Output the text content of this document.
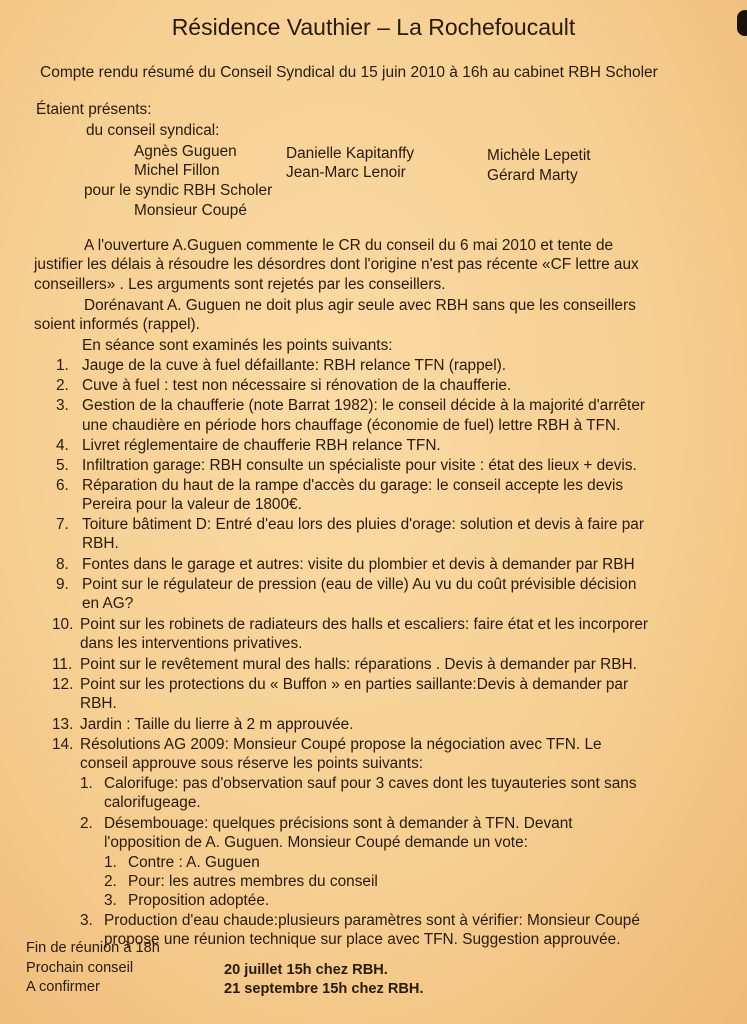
Résidence Vauthier – La Rochefoucault
Compte rendu résumé du Conseil Syndical du 15 juin 2010 à 16h au cabinet RBH Scholer
Étaient présents:
du conseil syndical:
Agnès Guguen	Danielle Kapitanffy	Michèle Lepetit
Michel Fillon	Jean-Marc Lenoir	Gérard Marty
pour le syndic RBH Scholer
Monsieur Coupé
A l'ouverture A.Guguen commente le CR du conseil du 6 mai 2010 et tente de
justifier les délais à résoudre les désordres dont l'origine n'est pas récente «CF lettre aux
conseillers» . Les arguments sont rejetés par les conseillers.
Dorénavant A. Guguen ne doit plus agir seule avec RBH sans que les conseillers
soient informés (rappel).
En séance sont examinés les points suivants:
1. Jauge de la cuve à fuel défaillante: RBH relance TFN (rappel).
2. Cuve à fuel : test non nécessaire si rénovation de la chaufferie.
3. Gestion de la chaufferie (note Barrat 1982): le conseil décide à la majorité d'arrêter
une chaudière en période hors chauffage (économie de fuel) lettre RBH à TFN.
4. Livret réglementaire de chaufferie RBH relance TFN.
5. Infiltration garage: RBH consulte un spécialiste pour visite : état des lieux + devis.
6. Réparation du haut de la rampe d'accès du garage: le conseil accepte les devis
Pereira pour la valeur de 1800€.
7. Toiture bâtiment D: Entré d'eau lors des pluies d'orage: solution et devis à faire par
RBH.
8. Fontes dans le garage et autres: visite du plombier et devis à demander par RBH
9. Point sur le régulateur de pression (eau de ville) Au vu du coût prévisible décision
en AG?
10. Point sur les robinets de radiateurs des halls et escaliers: faire état et les incorporer
dans les interventions privatives.
11. Point sur le revêtement mural des halls: réparations . Devis à demander par RBH.
12. Point sur les protections du « Buffon » en parties saillante:Devis à demander par
RBH.
13. Jardin : Taille du lierre à 2 m approuvée.
14. Résolutions AG 2009: Monsieur Coupé propose la négociation avec TFN. Le
conseil approuve sous réserve les points suivants:
1. Calorifuge: pas d'observation sauf pour 3 caves dont les tuyauteries sont sans
calorifugeage.
2. Désembouage: quelques précisions sont à demander à TFN. Devant
l'opposition de A. Guguen. Monsieur Coupé demande un vote:
1. Contre : A. Guguen
2. Pour: les autres membres du conseil
3. Proposition adoptée.
3. Production d'eau chaude:plusieurs paramètres sont à vérifier: Monsieur Coupé
propose une réunion technique sur place avec TFN. Suggestion approuvée.
Fin de réunion à 18h
Prochain conseil	20 juillet 15h chez RBH.
A confirmer	21 septembre 15h chez RBH.
